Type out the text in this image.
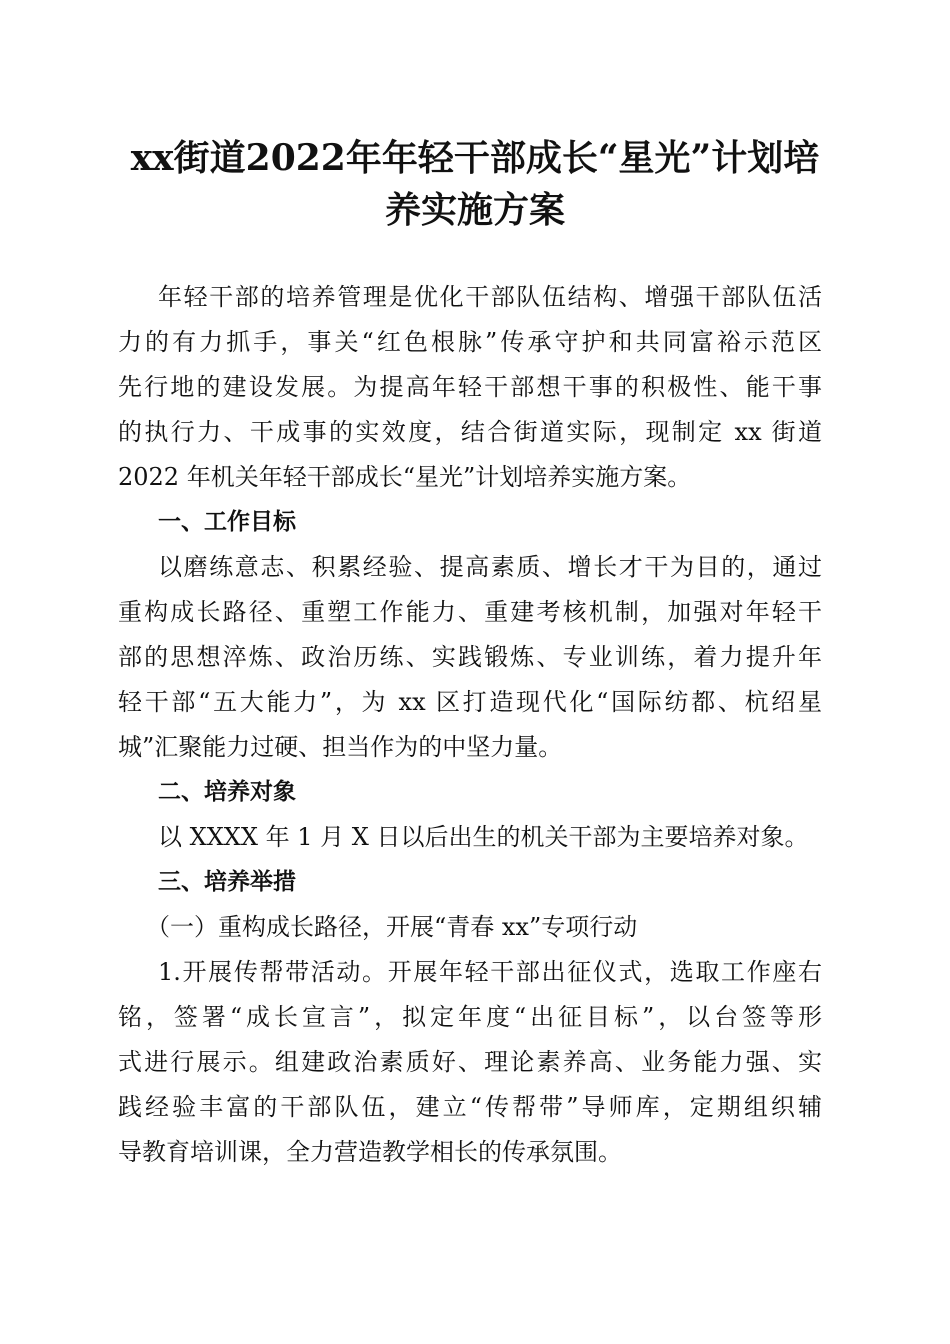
xx街道2022年年轻干部成长“星光”计划培
养实施方案

年轻干部的培养管理是优化干部队伍结构、增强干部队伍活

力的有力抓手，事关“红色根脉”传承守护和共同富裕示范区

先行地的建设发展。为提高年轻干部想干事的积极性、能干事

的执行力、干成事的实效度，结合街道实际，现制定 xx 街道

2022 年机关年轻干部成长“星光”计划培养实施方案。

一、工作目标

以磨练意志、积累经验、提高素质、增长才干为目的，通过

重构成长路径、重塑工作能力、重建考核机制，加强对年轻干

部的思想淬炼、政治历练、实践锻炼、专业训练，着力提升年

轻干部“五大能力”，为 xx 区打造现代化“国际纺都、杭绍星

城”汇聚能力过硬、担当作为的中坚力量。

二、培养对象

以 XXXX 年 1 月 X 日以后出生的机关干部为主要培养对象。

三、培养举措

（一）重构成长路径，开展“青春 xx”专项行动

1.开展传帮带活动。开展年轻干部出征仪式，选取工作座右

铭，签署“成长宣言”，拟定年度“出征目标”，以台签等形

式进行展示。组建政治素质好、理论素养高、业务能力强、实

践经验丰富的干部队伍，建立“传帮带”导师库，定期组织辅

导教育培训课，全力营造教学相长的传承氛围。
